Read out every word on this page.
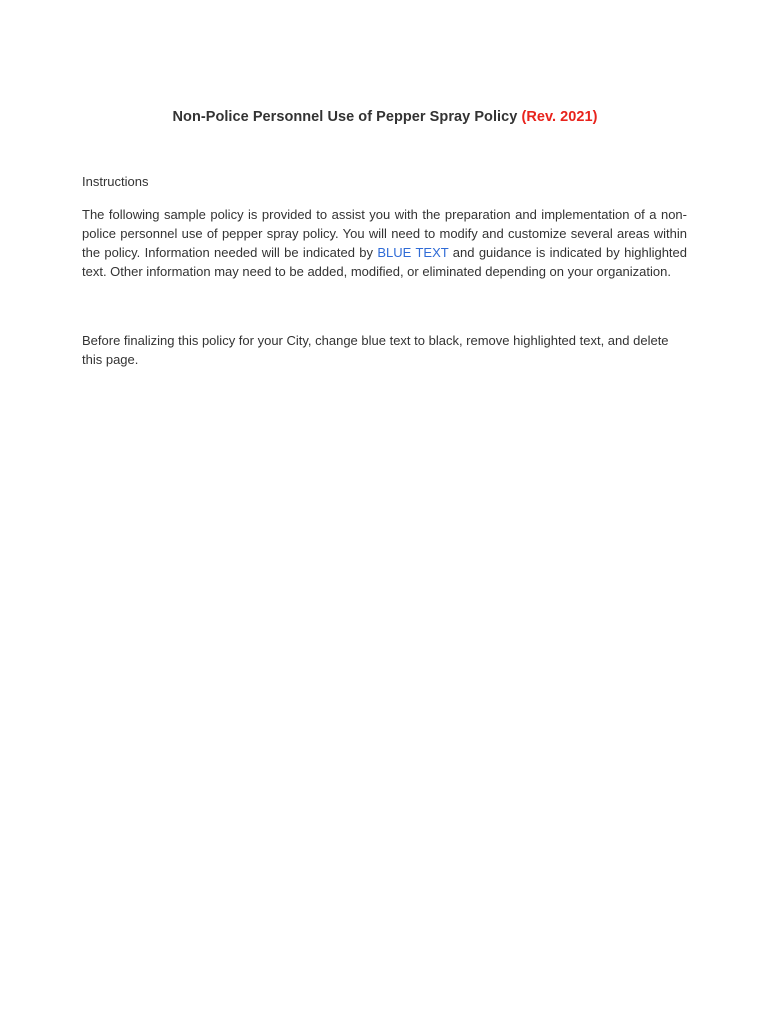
Non-Police Personnel Use of Pepper Spray Policy (Rev. 2021)
Instructions
The following sample policy is provided to assist you with the preparation and implementation of a non-police personnel use of pepper spray policy. You will need to modify and customize several areas within the policy. Information needed will be indicated by BLUE TEXT and guidance is indicated by highlighted text. Other information may need to be added, modified, or eliminated depending on your organization.
Before finalizing this policy for your City, change blue text to black, remove highlighted text, and delete this page.
